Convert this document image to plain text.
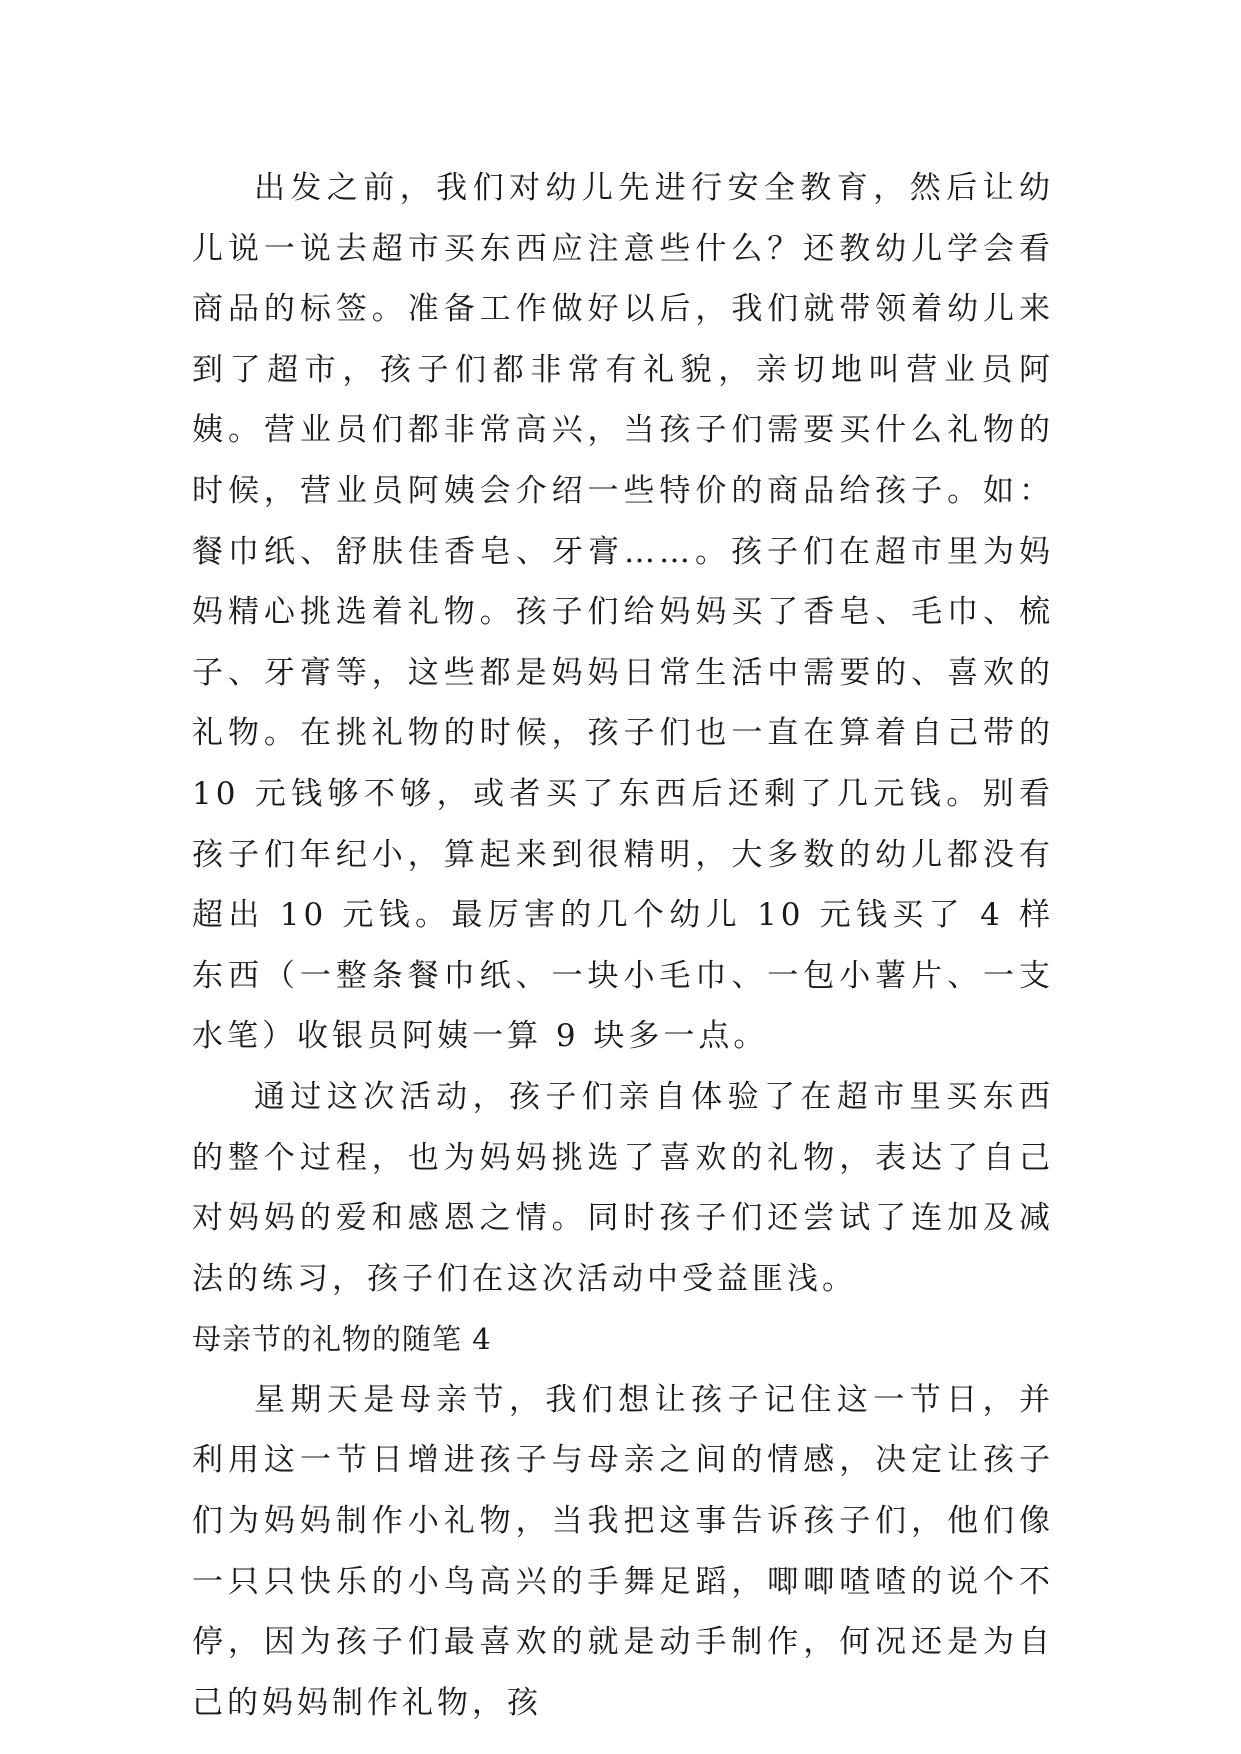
出发之前，我们对幼儿先进行安全教育，然后让幼儿说一说去超市买东西应注意些什么？还教幼儿学会看商品的标签。准备工作做好以后，我们就带领着幼儿来到了超市，孩子们都非常有礼貌，亲切地叫营业员阿姨。营业员们都非常高兴，当孩子们需要买什么礼物的时候，营业员阿姨会介绍一些特价的商品给孩子。如：餐巾纸、舒肤佳香皂、牙膏……。孩子们在超市里为妈妈精心挑选着礼物。孩子们给妈妈买了香皂、毛巾、梳子、牙膏等，这些都是妈妈日常生活中需要的、喜欢的礼物。在挑礼物的时候，孩子们也一直在算着自己带的 10 元钱够不够，或者买了东西后还剩了几元钱。别看孩子们年纪小，算起来到很精明，大多数的幼儿都没有超出 10 元钱。最厉害的几个幼儿 10 元钱买了 4 样东西（一整条餐巾纸、一块小毛巾、一包小薯片、一支水笔）收银员阿姨一算 9 块多一点。

通过这次活动，孩子们亲自体验了在超市里买东西的整个过程，也为妈妈挑选了喜欢的礼物，表达了自己对妈妈的爱和感恩之情。同时孩子们还尝试了连加及减法的练习，孩子们在这次活动中受益匪浅。

母亲节的礼物的随笔 4

星期天是母亲节，我们想让孩子记住这一节日，并利用这一节日增进孩子与母亲之间的情感，决定让孩子们为妈妈制作小礼物，当我把这事告诉孩子们，他们像一只只快乐的小鸟高兴的手舞足蹈，唧唧喳喳的说个不停，因为孩子们最喜欢的就是动手制作，何况还是为自己的妈妈制作礼物，孩
